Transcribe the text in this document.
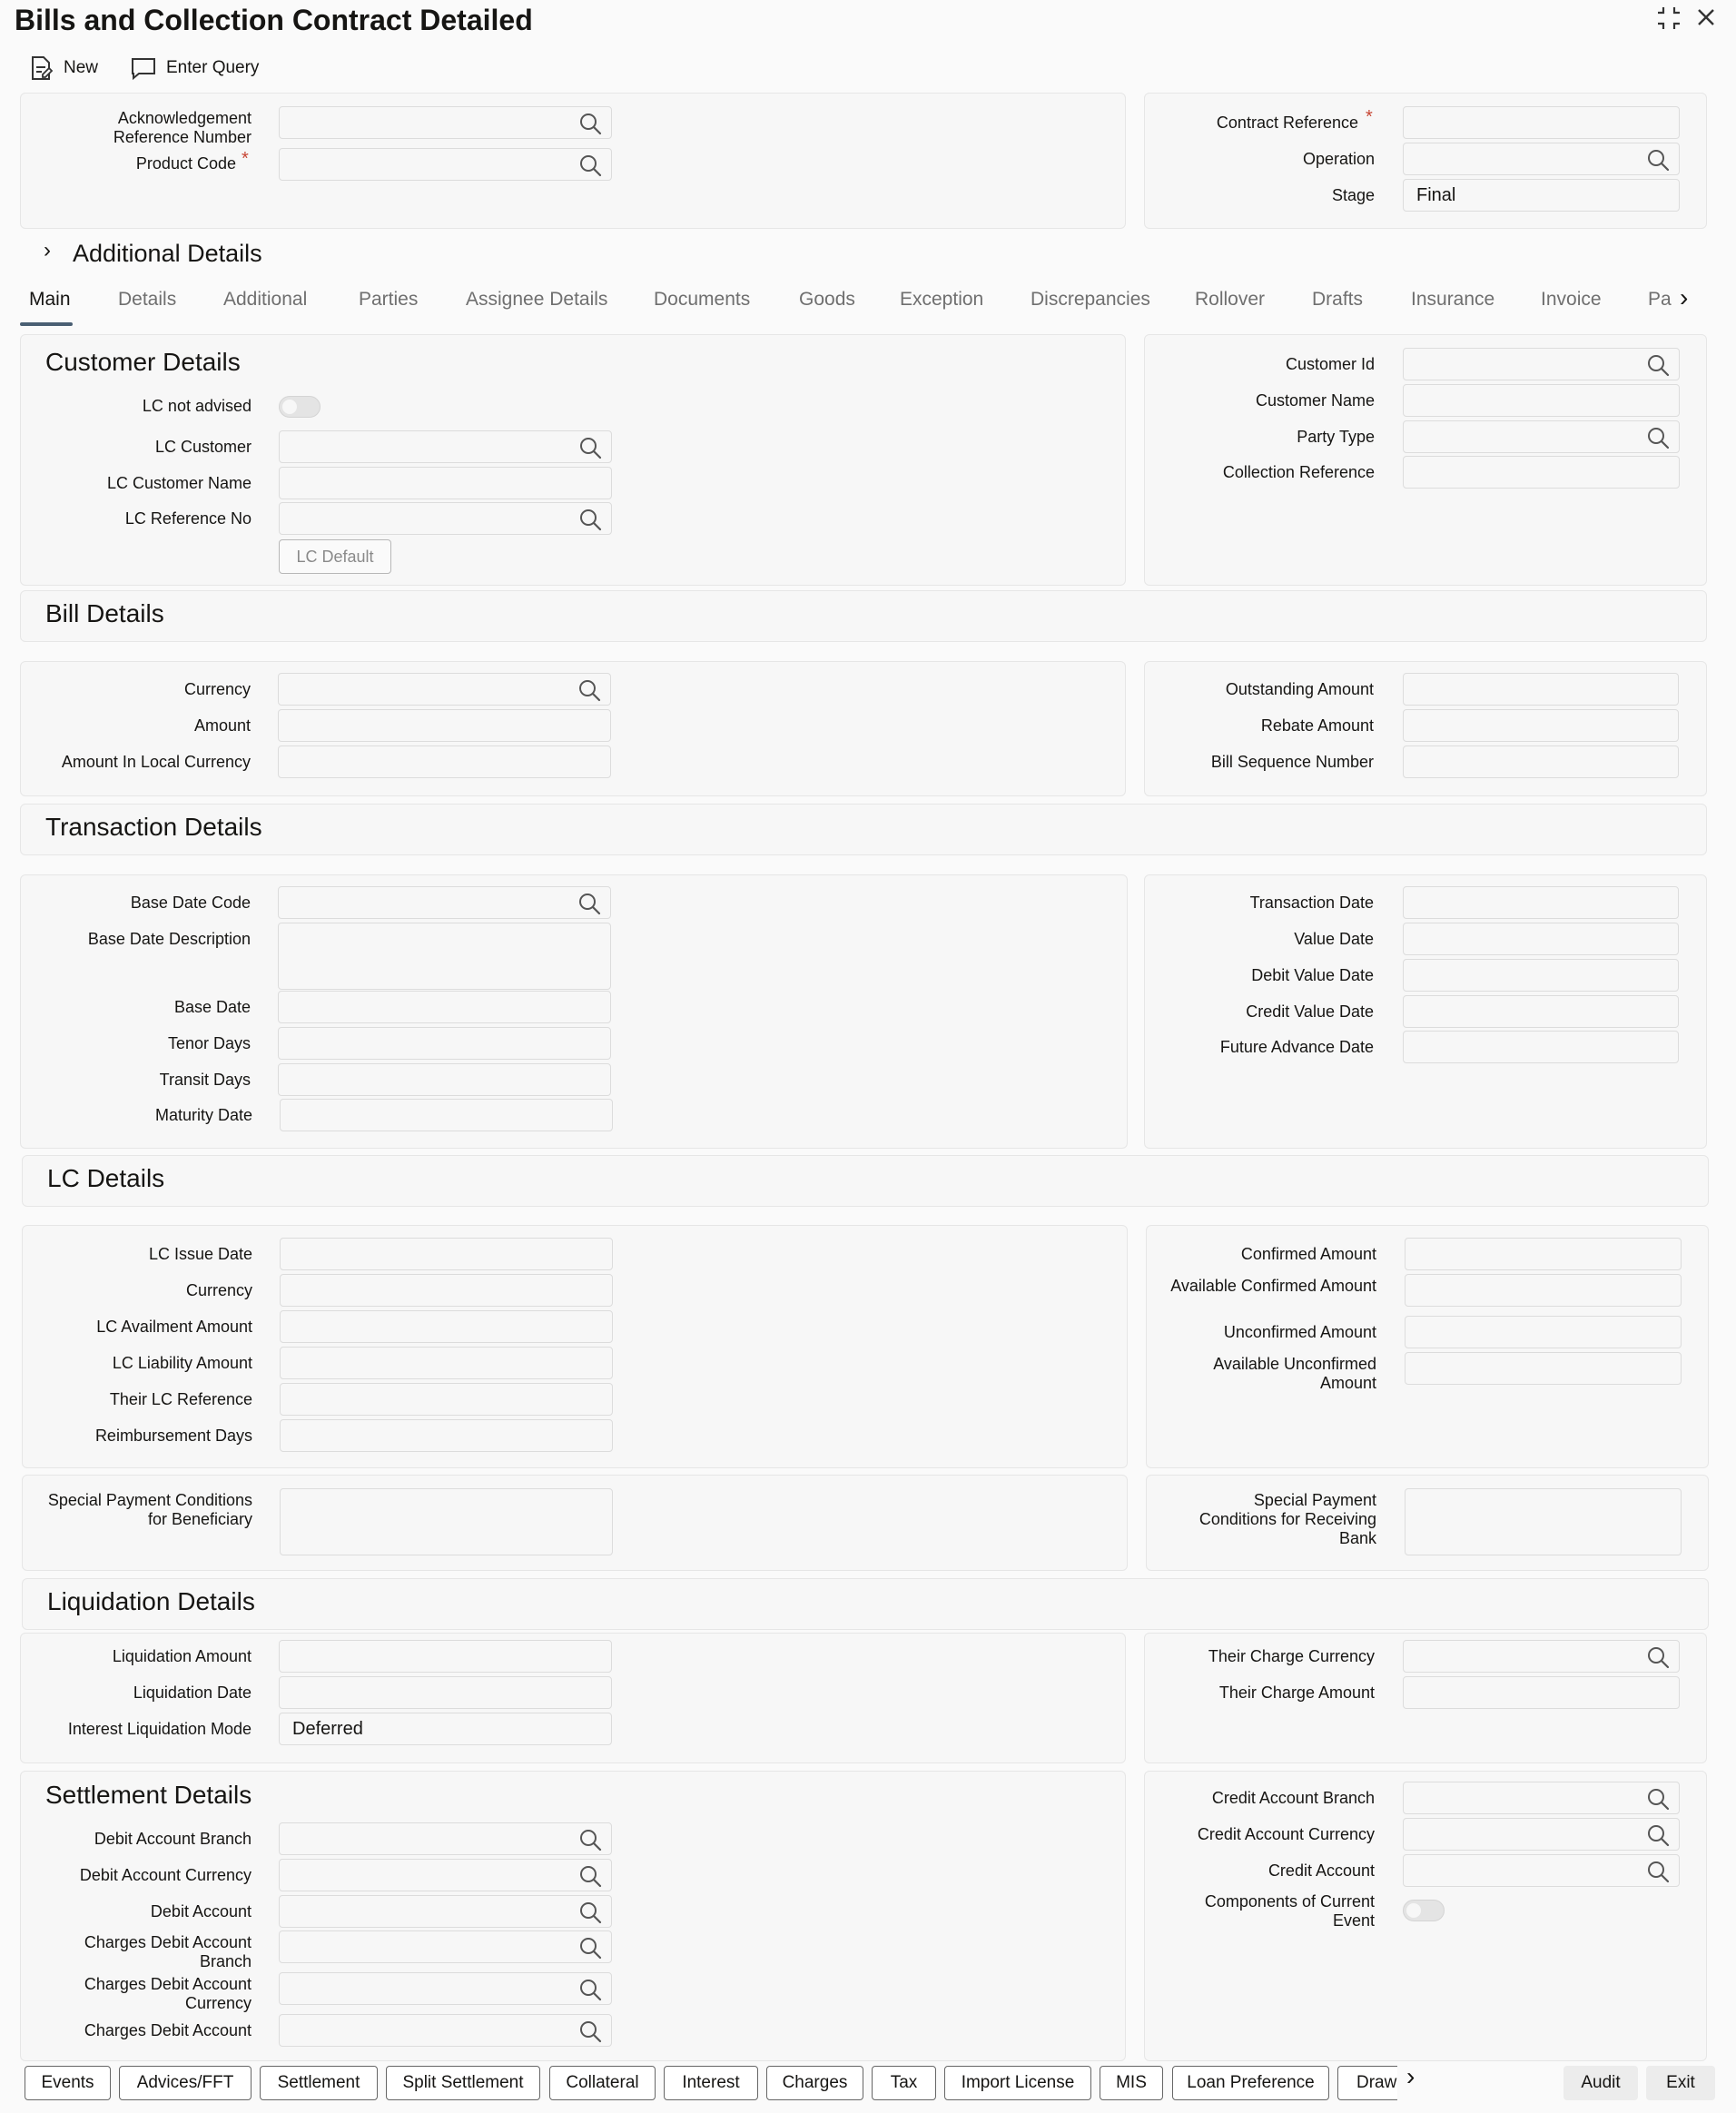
Bills and Collection Contract Detailed
New	Enter Query
Acknowledgement Reference Number
Product Code *
Contract Reference *
Operation
Stage	Final
› Additional Details
Main Details Additional	Parties	Assignee Details Documents	Goods Exception Discrepancies Rollover Drafts	Insurance Invoice Pa ›
Customer Details
LC not advised
LC Customer
LC Customer Name
LC Reference No
LC Default
Customer Id
Customer Name
Party Type
Collection Reference
Bill Details
Currency
Amount
Amount In Local Currency
Outstanding Amount
Rebate Amount
Bill Sequence Number
Transaction Details
Base Date Code
Base Date Description
Base Date
Tenor Days
Transit Days
Maturity Date
Transaction Date
Value Date
Debit Value Date
Credit Value Date
Future Advance Date
LC Details
LC Issue Date
Currency
LC Availment Amount
LC Liability Amount
Their LC Reference
Reimbursement Days
Confirmed Amount
Available Confirmed Amount
Unconfirmed Amount
Available Unconfirmed Amount
Special Payment Conditions for Beneficiary
Special Payment Conditions for Receiving Bank
Liquidation Details
Liquidation Amount
Liquidation Date
Interest Liquidation Mode	Deferred
Their Charge Currency
Their Charge Amount
Settlement Details
Debit Account Branch
Debit Account Currency
Debit Account
Charges Debit Account Branch
Charges Debit Account Currency
Charges Debit Account
Credit Account Branch
Credit Account Currency
Credit Account
Components of Current Event
Events	Advices/FFT	Settlement	Split Settlement	Collateral	Interest	Charges	Tax	Import License	MIS	Loan Preference	Draw ›	Audit	Exit
